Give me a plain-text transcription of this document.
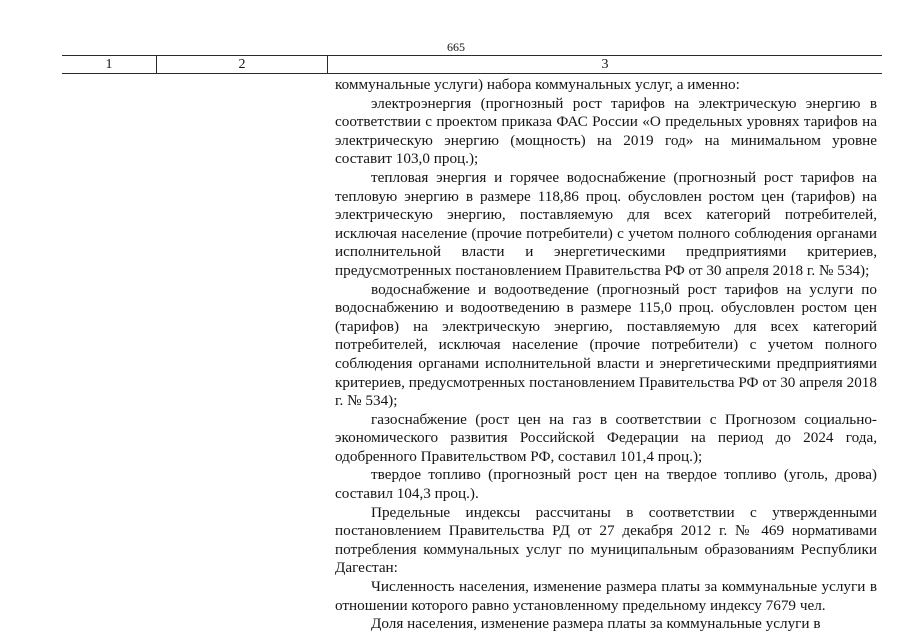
665
1	2	3

коммунальные услуги) набора коммунальных услуг, а именно:

электроэнергия (прогнозный рост тарифов на электрическую энергию в соответствии с проектом приказа ФАС России «О предельных уровнях тарифов на электрическую энергию (мощность) на 2019 год» на минимальном уровне составит 103,0 проц.);

тепловая энергия и горячее водоснабжение (прогнозный рост тарифов на тепловую энергию в размере 118,86 проц. обусловлен ростом цен (тарифов) на электрическую энергию, поставляемую для всех категорий потребителей, исключая население (прочие потребители) с учетом полного соблюдения органами исполнительной власти и энергетическими предприятиями критериев, предусмотренных постановлением Правительства РФ от 30 апреля 2018 г. № 534);

водоснабжение и водоотведение (прогнозный рост тарифов на услуги по водоснабжению и водоотведению в размере 115,0 проц. обусловлен ростом цен (тарифов) на электрическую энергию, поставляемую для всех категорий потребителей, исключая население (прочие потребители) с учетом полного соблюдения органами исполнительной власти и энергетическими предприятиями критериев, предусмотренных постановлением Правительства РФ от 30 апреля 2018 г. № 534);

газоснабжение (рост цен на газ в соответствии с Прогнозом социально-экономического развития Российской Федерации на период до 2024 года, одобренного Правительством РФ, составил 101,4 проц.);

твердое топливо (прогнозный рост цен на твердое топливо (уголь, дрова) составил 104,3 проц.).

Предельные индексы рассчитаны в соответствии с утвержденными постановлением Правительства РД от 27 декабря 2012 г. № 469 нормативами потребления коммунальных услуг по муниципальным образованиям Республики Дагестан:

Численность населения, изменение размера платы за коммунальные услуги в отношении которого равно установленному предельному индексу 7679 чел.

Доля населения, изменение размера платы за коммунальные услуги в
